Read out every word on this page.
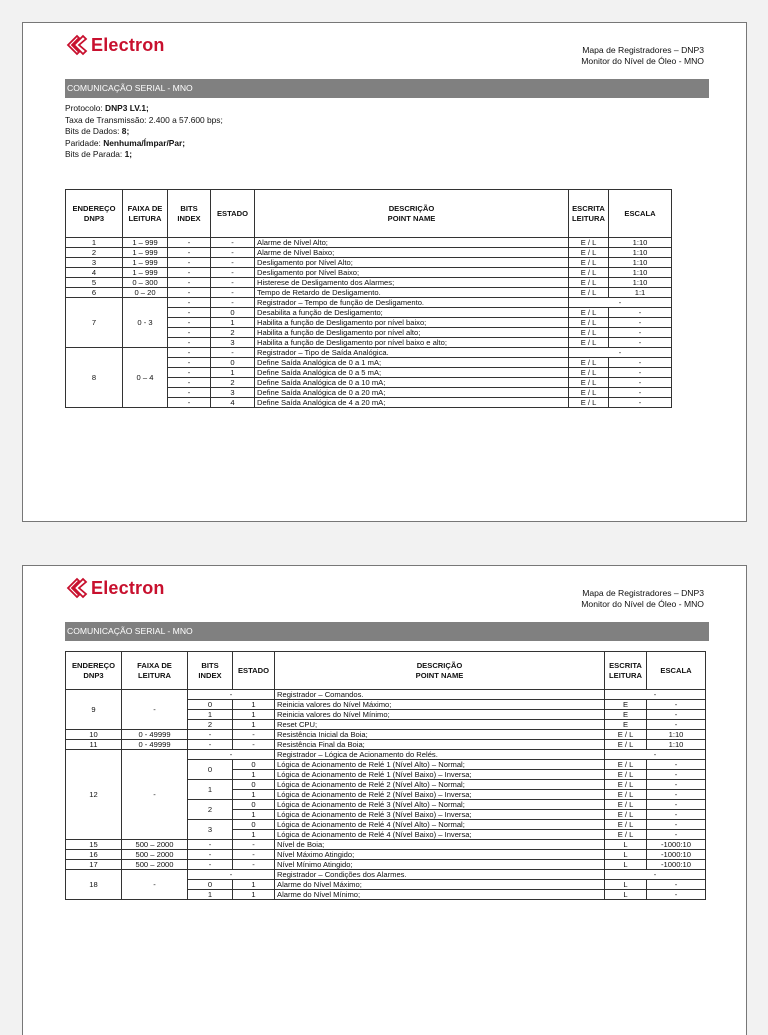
Electron	Mapa de Registradores – DNP3
Monitor do Nível de Óleo - MNO
COMUNICAÇÃO SERIAL - MNO
Protocolo: DNP3 LV.1;
Taxa de Transmissão: 2.400 a 57.600 bps;
Bits de Dados: 8;
Paridade: Nenhuma/Ímpar/Par;
Bits de Parada: 1;
ENDEREÇO DNP3	FAIXA DE LEITURA	BITS INDEX	ESTADO	DESCRIÇÃO
POINT NAME	ESCRITA LEITURA	ESCALA
1	1 – 999	-	-	Alarme de Nível Alto;	E / L	1:10
2	1 – 999	-	-	Alarme de Nível Baixo;	E / L	1:10
3	1 – 999	-	-	Desligamento por Nível Alto;	E / L	1:10
4	1 – 999	-	-	Desligamento por Nível Baixo;	E / L	1:10
5	0 – 300	-	-	Histerese de Desligamento dos Alarmes;	E / L	1:10
6	0 – 20	-	-	Tempo de Retardo de Desligamento.	E / L	1:1
7	0 - 3	-	-	Registrador – Tempo de função de Desligamento.	-	
		-	0	Desabilita a função de Desligamento;	E / L	-
		-	1	Habilita a função de Desligamento por nível baixo;	E / L	-
		-	2	Habilita a função de Desligamento por nível alto;	E / L	-
		-	3	Habilita a função de Desligamento por nível baixo e alto;	E / L	-
8	0 – 4	-	-	Registrador – Tipo de Saída Analógica.	-	
		-	0	Define Saída Analógica de 0 a 1 mA;	E / L	-
		-	1	Define Saída Analógica de 0 a 5 mA;	E / L	-
		-	2	Define Saída Analógica de 0 a 10 mA;	E / L	-
		-	3	Define Saída Analógica de 0 a 20 mA;	E / L	-
		-	4	Define Saída Analógica de 4 a 20 mA;	E / L	-
Electron	Mapa de Registradores – DNP3
Monitor do Nível de Óleo - MNO
COMUNICAÇÃO SERIAL - MNO
ENDEREÇO DNP3	FAIXA DE LEITURA	BITS INDEX	ESTADO	DESCRIÇÃO
POINT NAME	ESCRITA LEITURA	ESCALA
9	-	-		Registrador – Comandos.	-	
		0	1	Reinicia valores do Nível Máximo;	E	-
		1	1	Reinicia valores do Nível Mínimo;	E	-
		2	1	Reset CPU;	E	-
10	0 - 49999	-	-	Resistência Inicial da Boia;	E / L	1:10
11	0 - 49999	-	-	Resistência Final da Boia;	E / L	1:10
12	-	-		Registrador – Lógica de Acionamento do Relés.	-	
		0	0	Lógica de Acionamento de Relé 1 (Nível Alto) – Normal;	E / L	-
			1	Lógica de Acionamento de Relé 1 (Nível Baixo) – Inversa;	E / L	-
		1	0	Lógica de Acionamento de Relé 2 (Nível Alto) – Normal;	E / L	-
			1	Lógica de Acionamento de Relé 2 (Nível Baixo) – Inversa;	E / L	-
		2	0	Lógica de Acionamento de Relé 3 (Nível Alto) – Normal;	E / L	-
			1	Lógica de Acionamento de Relé 3 (Nível Baixo) – Inversa;	E / L	-
		3	0	Lógica de Acionamento de Relé 4 (Nível Alto) – Normal;	E / L	-
			1	Lógica de Acionamento de Relé 4 (Nível Baixo) – Inversa;	E / L	-
15	500 – 2000	-	-	Nível de Boia;	L	-1000:10
16	500 – 2000	-	-	Nível Máximo Atingido;	L	-1000:10
17	500 – 2000	-	-	Nível Mínimo Atingido;	L	-1000:10
18	-	-		Registrador – Condições dos Alarmes.	-	
		0	1	Alarme do Nível Máximo;	L	-
		1	1	Alarme do Nível Mínimo;	L	-
